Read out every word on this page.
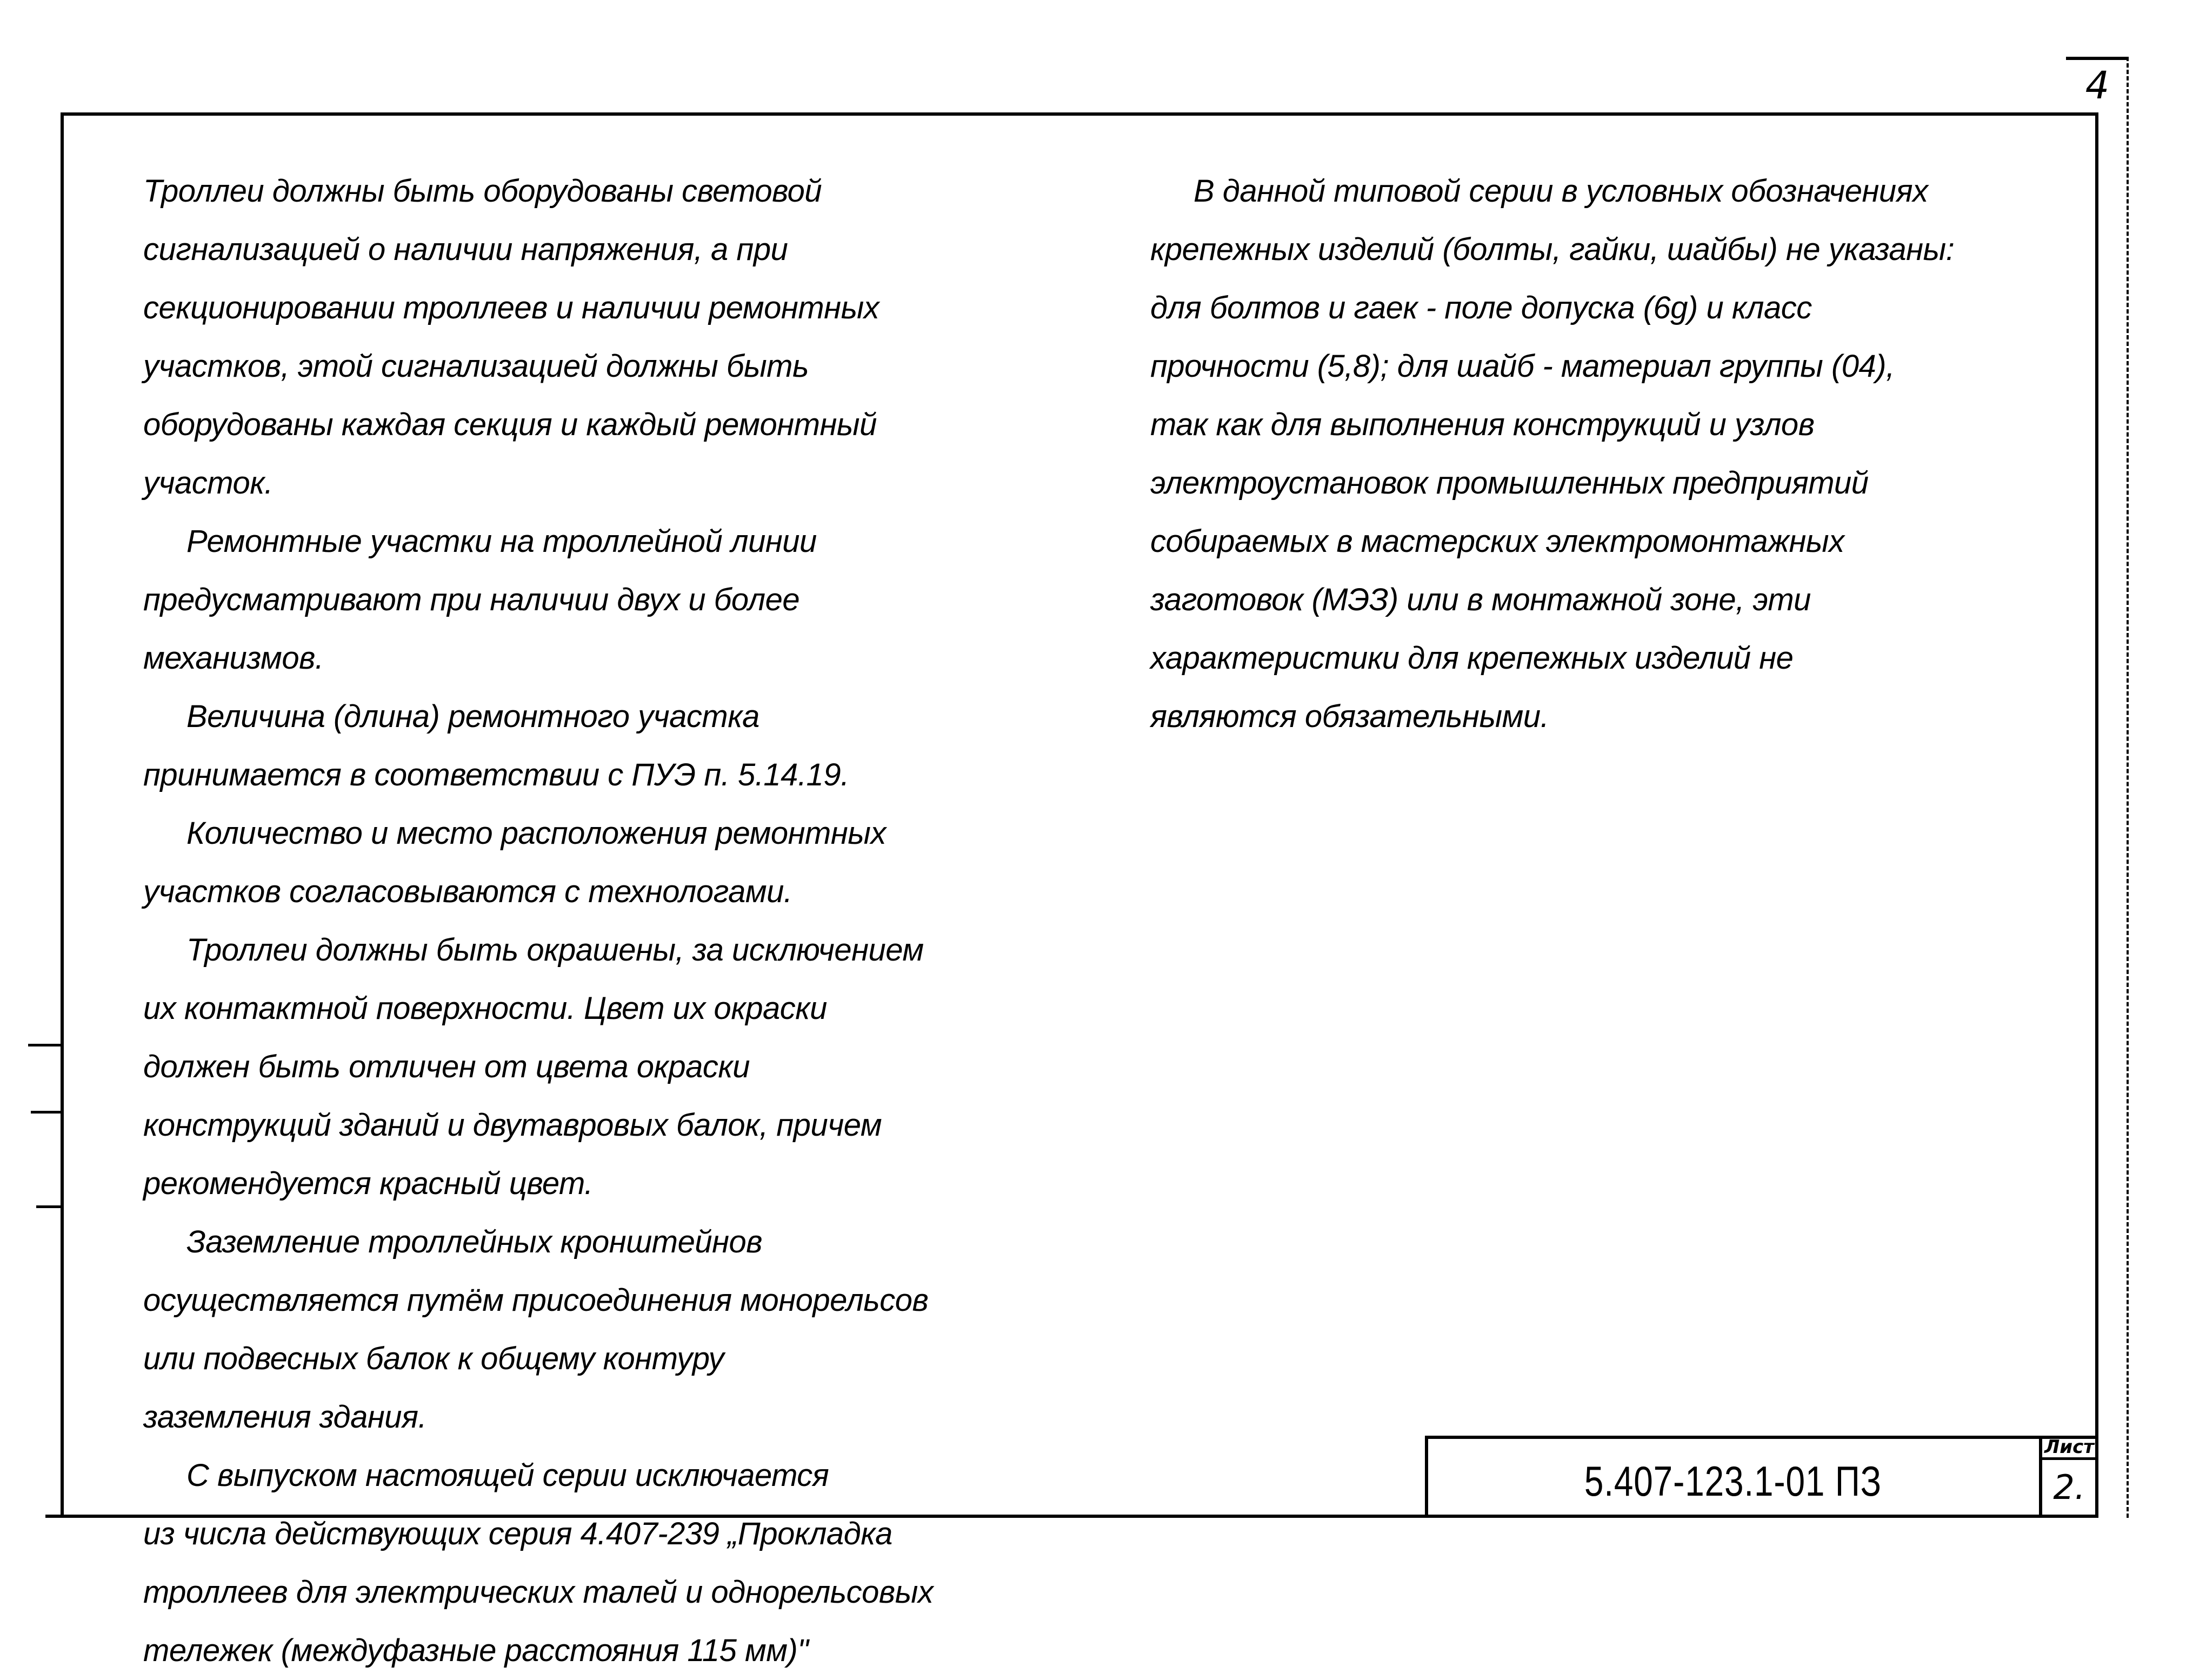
4
Троллеи должны быть оборудованы световой
сигнализацией о наличии напряжения, а при
секционировании троллеев и наличии ремонтных
участков, этой сигнализацией должны быть
оборудованы каждая секция и каждый ремонтный
участок.
Ремонтные участки на троллейной линии
предусматривают при наличии двух и более
механизмов.
Величина (длина) ремонтного участка
принимается в соответствии с ПУЭ п. 5.14.19.
Количество и место расположения ремонтных
участков согласовываются с технологами.
Троллеи должны быть окрашены, за исключением
их контактной поверхности. Цвет их окраски
должен быть отличен от цвета окраски
конструкций зданий и двутавровых балок, причем
рекомендуется красный цвет.
Заземление троллейных кронштейнов
осуществляется путём присоединения монорельсов
или подвесных балок к общему контуру
заземления здания.
С выпуском настоящей серии исключается
из числа действующих серия 4.407-239 „Прокладка
троллеев для электрических талей и однорельсовых
тележек (междуфазные расстояния 115 мм)"
В данной типовой серии в условных обозначениях
крепежных изделий (болты, гайки, шайбы) не указаны:
для болтов и гаек - поле допуска (6g) и класс
прочности (5,8); для шайб - материал группы (04),
так как для выполнения конструкций и узлов
электроустановок промышленных предприятий
собираемых в мастерских электромонтажных
заготовок (МЭЗ) или в монтажной зоне, эти
характеристики для крепежных изделий не
являются обязательными.
5.407-123.1-01 ПЗ
Лист
2.
